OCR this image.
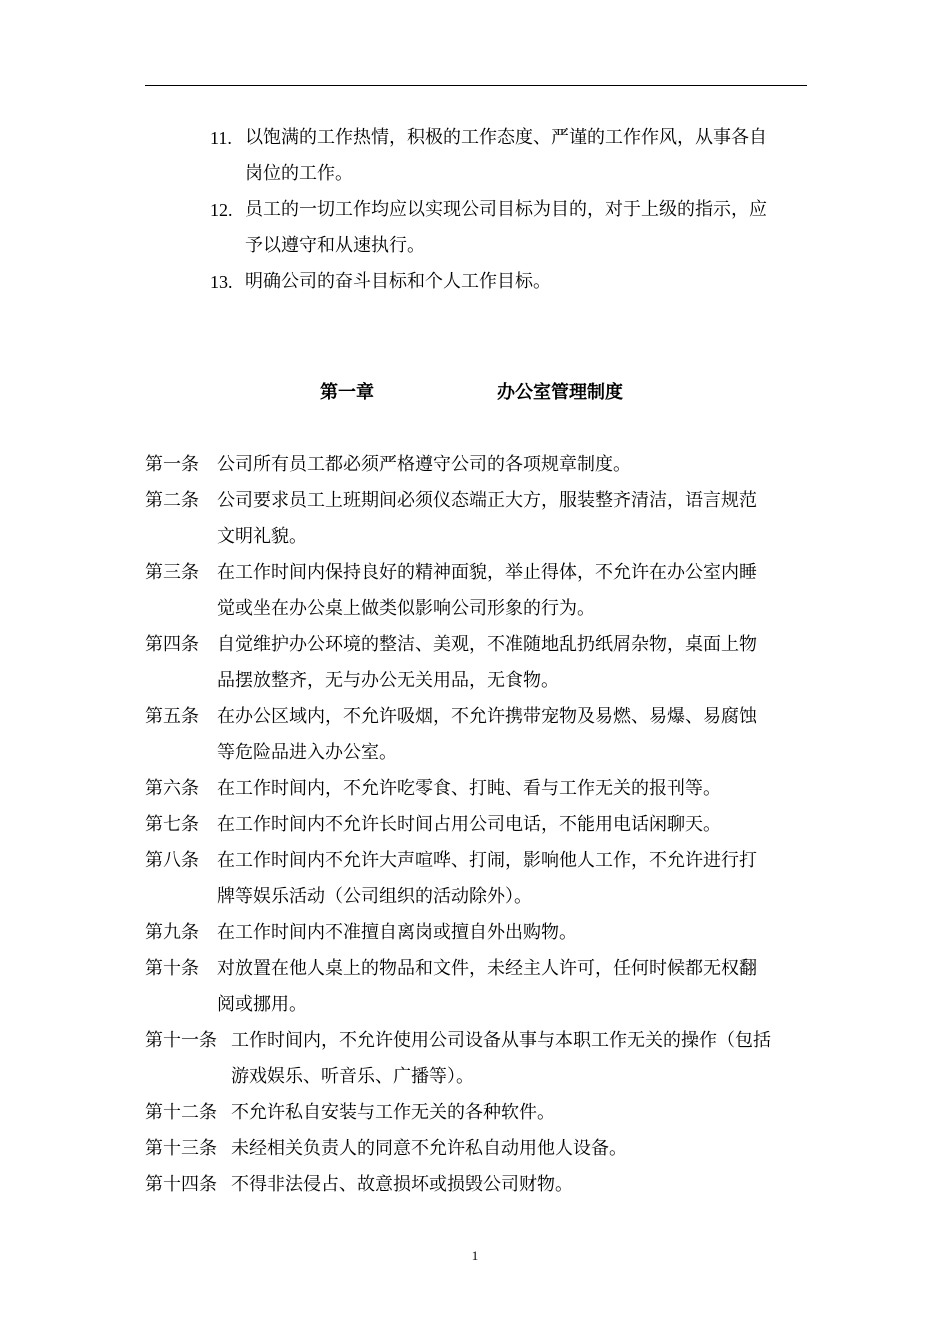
11. 以饱满的工作热情，积极的工作态度、严谨的工作作风，从事各自
岗位的工作。
12. 员工的一切工作均应以实现公司目标为目的，对于上级的指示，应
予以遵守和从速执行。
13. 明确公司的奋斗目标和个人工作目标。
第一章	办公室管理制度
第一条	公司所有员工都必须严格遵守公司的各项规章制度。
第二条	公司要求员工上班期间必须仪态端正大方，服装整齐清洁，语言规范
文明礼貌。
第三条	在工作时间内保持良好的精神面貌，举止得体，不允许在办公室内睡
觉或坐在办公桌上做类似影响公司形象的行为。
第四条	自觉维护办公环境的整洁、美观，不准随地乱扔纸屑杂物，桌面上物
品摆放整齐，无与办公无关用品，无食物。
第五条	在办公区域内，不允许吸烟，不允许携带宠物及易燃、易爆、易腐蚀
等危险品进入办公室。
第六条	在工作时间内，不允许吃零食、打盹、看与工作无关的报刊等。
第七条	在工作时间内不允许长时间占用公司电话，不能用电话闲聊天。
第八条	在工作时间内不允许大声喧哗、打闹，影响他人工作，不允许进行打
牌等娱乐活动（公司组织的活动除外）。
第九条	在工作时间内不准擅自离岗或擅自外出购物。
第十条	对放置在他人桌上的物品和文件，未经主人许可，任何时候都无权翻
阅或挪用。
第十一条 工作时间内，不允许使用公司设备从事与本职工作无关的操作（包括
游戏娱乐、听音乐、广播等）。
第十二条 不允许私自安装与工作无关的各种软件。
第十三条 未经相关负责人的同意不允许私自动用他人设备。
第十四条 不得非法侵占、故意损坏或损毁公司财物。
1
